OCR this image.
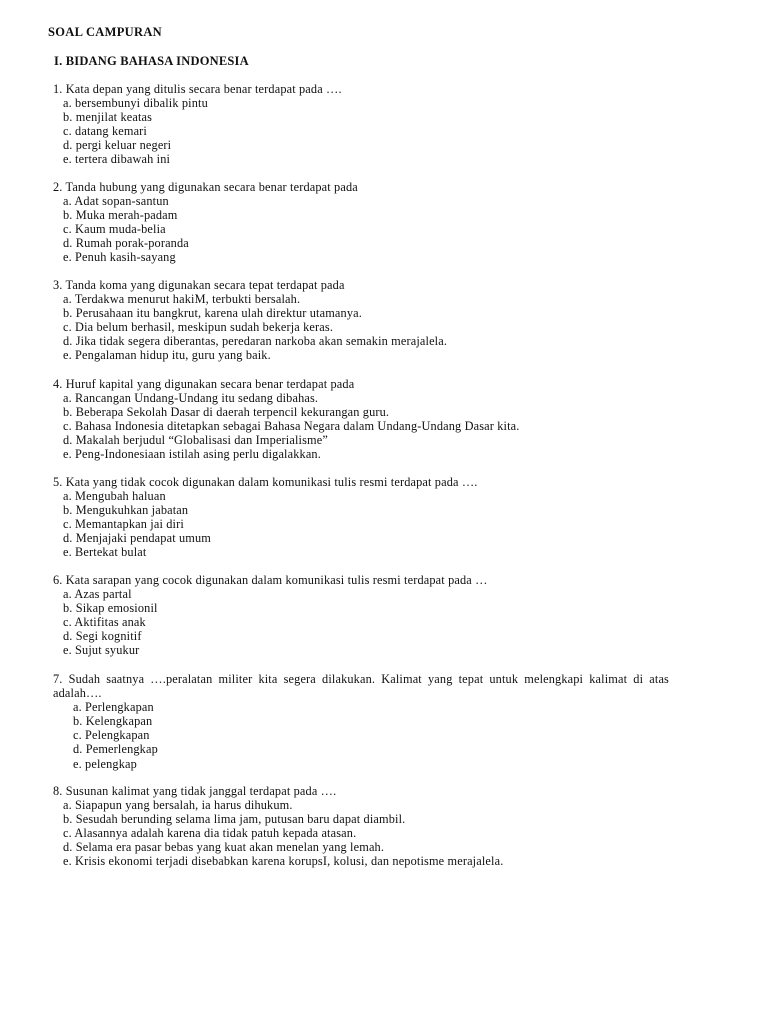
SOAL CAMPURAN
I. BIDANG BAHASA INDONESIA
1. Kata depan yang ditulis secara benar terdapat pada ….
a. bersembunyi dibalik pintu
b. menjilat keatas
c. datang kemari
d. pergi keluar negeri
e. tertera dibawah ini
2. Tanda hubung yang digunakan secara benar terdapat pada
a. Adat sopan-santun
b. Muka merah-padam
c. Kaum muda-belia
d. Rumah porak-poranda
e. Penuh kasih-sayang
3. Tanda koma yang digunakan secara tepat terdapat pada
a. Terdakwa menurut hakiM, terbukti bersalah.
b. Perusahaan itu bangkrut, karena ulah direktur utamanya.
c. Dia belum berhasil, meskipun sudah bekerja keras.
d. Jika tidak segera diberantas, peredaran narkoba akan semakin merajalela.
e. Pengalaman hidup itu, guru yang baik.
4. Huruf kapital yang digunakan secara benar terdapat pada
a. Rancangan Undang-Undang itu sedang dibahas.
b. Beberapa Sekolah Dasar di daerah terpencil kekurangan guru.
c. Bahasa Indonesia ditetapkan sebagai Bahasa Negara dalam Undang-Undang Dasar kita.
d. Makalah berjudul “Globalisasi dan Imperialisme”
e. Peng-Indonesiaan istilah asing perlu digalakkan.
5. Kata yang tidak cocok digunakan dalam komunikasi tulis resmi terdapat pada ….
a. Mengubah haluan
b. Mengukuhkan jabatan
c. Memantapkan jai diri
d. Menjajaki pendapat umum
e. Bertekat bulat
6. Kata sarapan yang cocok digunakan dalam komunikasi tulis resmi terdapat pada …
a. Azas partal
b. Sikap emosionil
c. Aktifitas anak
d. Segi kognitif
e. Sujut syukur
7. Sudah saatnya ….peralatan militer kita segera dilakukan. Kalimat yang tepat untuk melengkapi kalimat di atas adalah….
a. Perlengkapan
b. Kelengkapan
c. Pelengkapan
d. Pemerlengkap
e. pelengkap
8. Susunan kalimat yang tidak janggal terdapat pada ….
a. Siapapun yang bersalah, ia harus dihukum.
b. Sesudah berunding selama lima jam, putusan baru dapat diambil.
c. Alasannya adalah karena dia tidak patuh kepada atasan.
d. Selama era pasar bebas yang kuat akan menelan yang lemah.
e. Krisis ekonomi terjadi disebabkan karena korupsI, kolusi, dan nepotisme merajalela.
